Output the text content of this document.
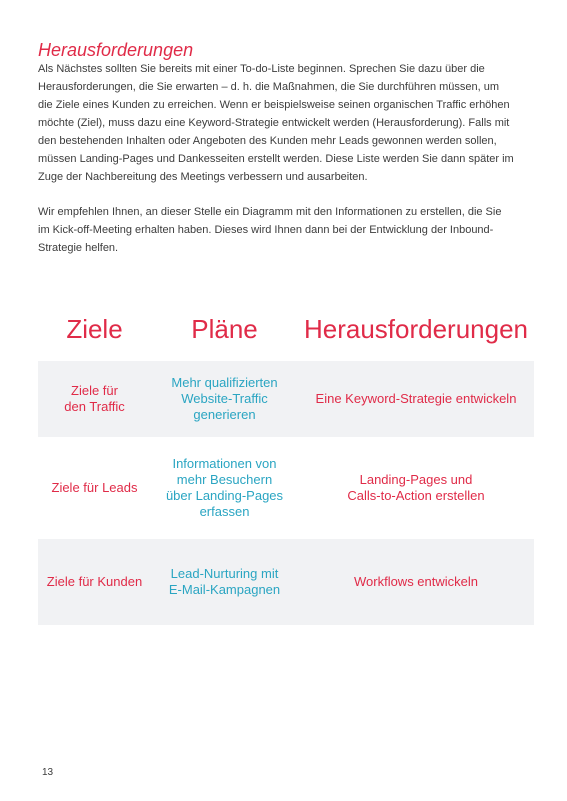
Herausforderungen

Als Nächstes sollten Sie bereits mit einer To-do-Liste beginnen. Sprechen Sie dazu über die
Herausforderungen, die Sie erwarten – d. h. die Maßnahmen, die Sie durchführen müssen, um
die Ziele eines Kunden zu erreichen. Wenn er beispielsweise seinen organischen Traffic erhöhen
möchte (Ziel), muss dazu eine Keyword-Strategie entwickelt werden (Herausforderung). Falls mit
den bestehenden Inhalten oder Angeboten des Kunden mehr Leads gewonnen werden sollen,
müssen Landing-Pages und Dankesseiten erstellt werden. Diese Liste werden Sie dann später im
Zuge der Nachbereitung des Meetings verbessern und ausarbeiten.

Wir empfehlen Ihnen, an dieser Stelle ein Diagramm mit den Informationen zu erstellen, die Sie
im Kick-off-Meeting erhalten haben. Dieses wird Ihnen dann bei der Entwicklung der Inbound-
Strategie helfen.

Ziele	Pläne	Herausforderungen
Ziele für
den Traffic
Mehr qualifizierten
Website-Traffic
generieren
Eine Keyword-Strategie entwickeln
Ziele für Leads
Informationen von
mehr Besuchern
über Landing-Pages
erfassen
Landing-Pages und
Calls-to-Action erstellen
Ziele für Kunden
Lead-Nurturing mit
E-Mail-Kampagnen
Workflows entwickeln
13
